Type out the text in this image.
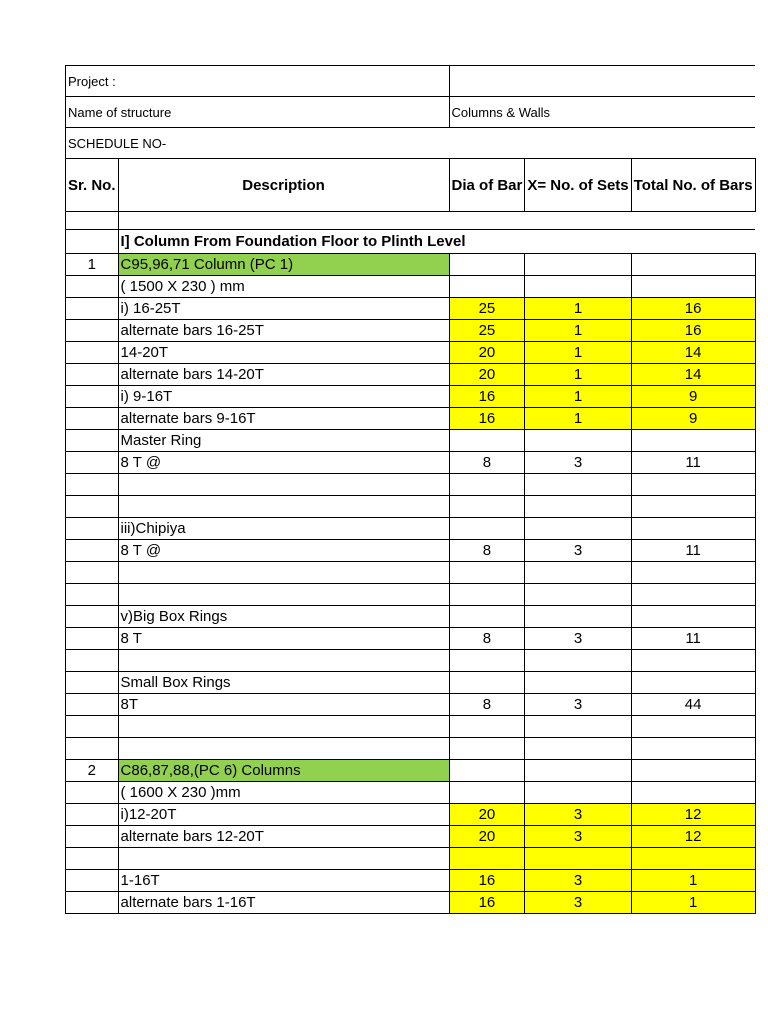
Project :				
Name of structure		Columns & Walls		
SCHEDULE NO-				
Sr. No.	Description	Dia of Bar	X= No. of Sets	Total No. of Bars

	I] Column From Foundation Floor to Plinth Level			
1	C95,96,71 Column (PC 1)			
	( 1500 X 230 ) mm			
	i) 16-25T	25	1	16
	alternate bars 16-25T	25	1	16
	14-20T	20	1	14
	alternate bars 14-20T	20	1	14
	i) 9-16T	16	1	9
	alternate bars 9-16T	16	1	9
	Master Ring			
	8 T @	8	3	11

	iii)Chipiya			
	8 T @	8	3	11

	v)Big Box Rings			
	8 T	8	3	11

	Small Box Rings			
	8T	8	3	44

2	C86,87,88,(PC 6) Columns			
	( 1600 X 230 )mm			
	i)12-20T	20	3	12
	alternate bars 12-20T	20	3	12

	1-16T	16	3	1
	alternate bars 1-16T	16	3	1
